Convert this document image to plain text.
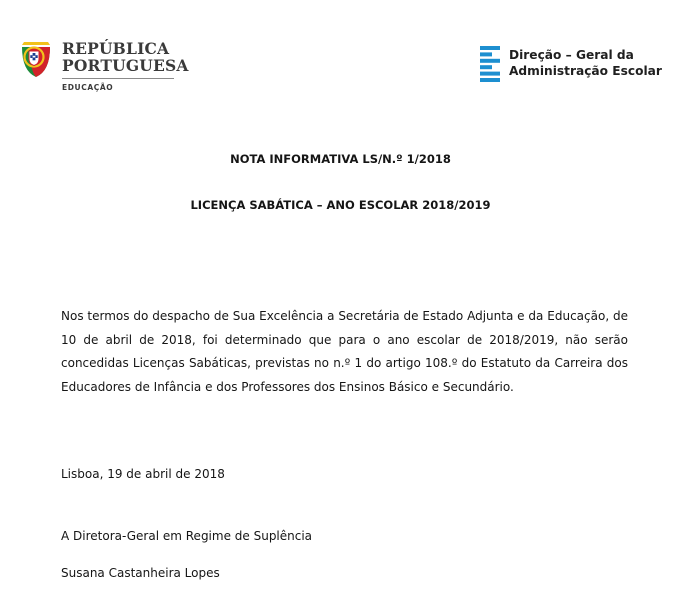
REPÚBLICA
PORTUGUESA
EDUCAÇÃO
Direção – Geral da
Administração Escolar
NOTA INFORMATIVA LS/N.º 1/2018
LICENÇA SABÁTICA – ANO ESCOLAR 2018/2019
Nos termos do despacho de Sua Excelência a Secretária de Estado Adjunta e da Educação, de
10 de abril de 2018, foi determinado que para o ano escolar de 2018/2019, não serão
concedidas Licenças Sabáticas, previstas no n.º 1 do artigo 108.º do Estatuto da Carreira dos
Educadores de Infância e dos Professores dos Ensinos Básico e Secundário.
Lisboa, 19 de abril de 2018
A Diretora-Geral em Regime de Suplência
Susana Castanheira Lopes
